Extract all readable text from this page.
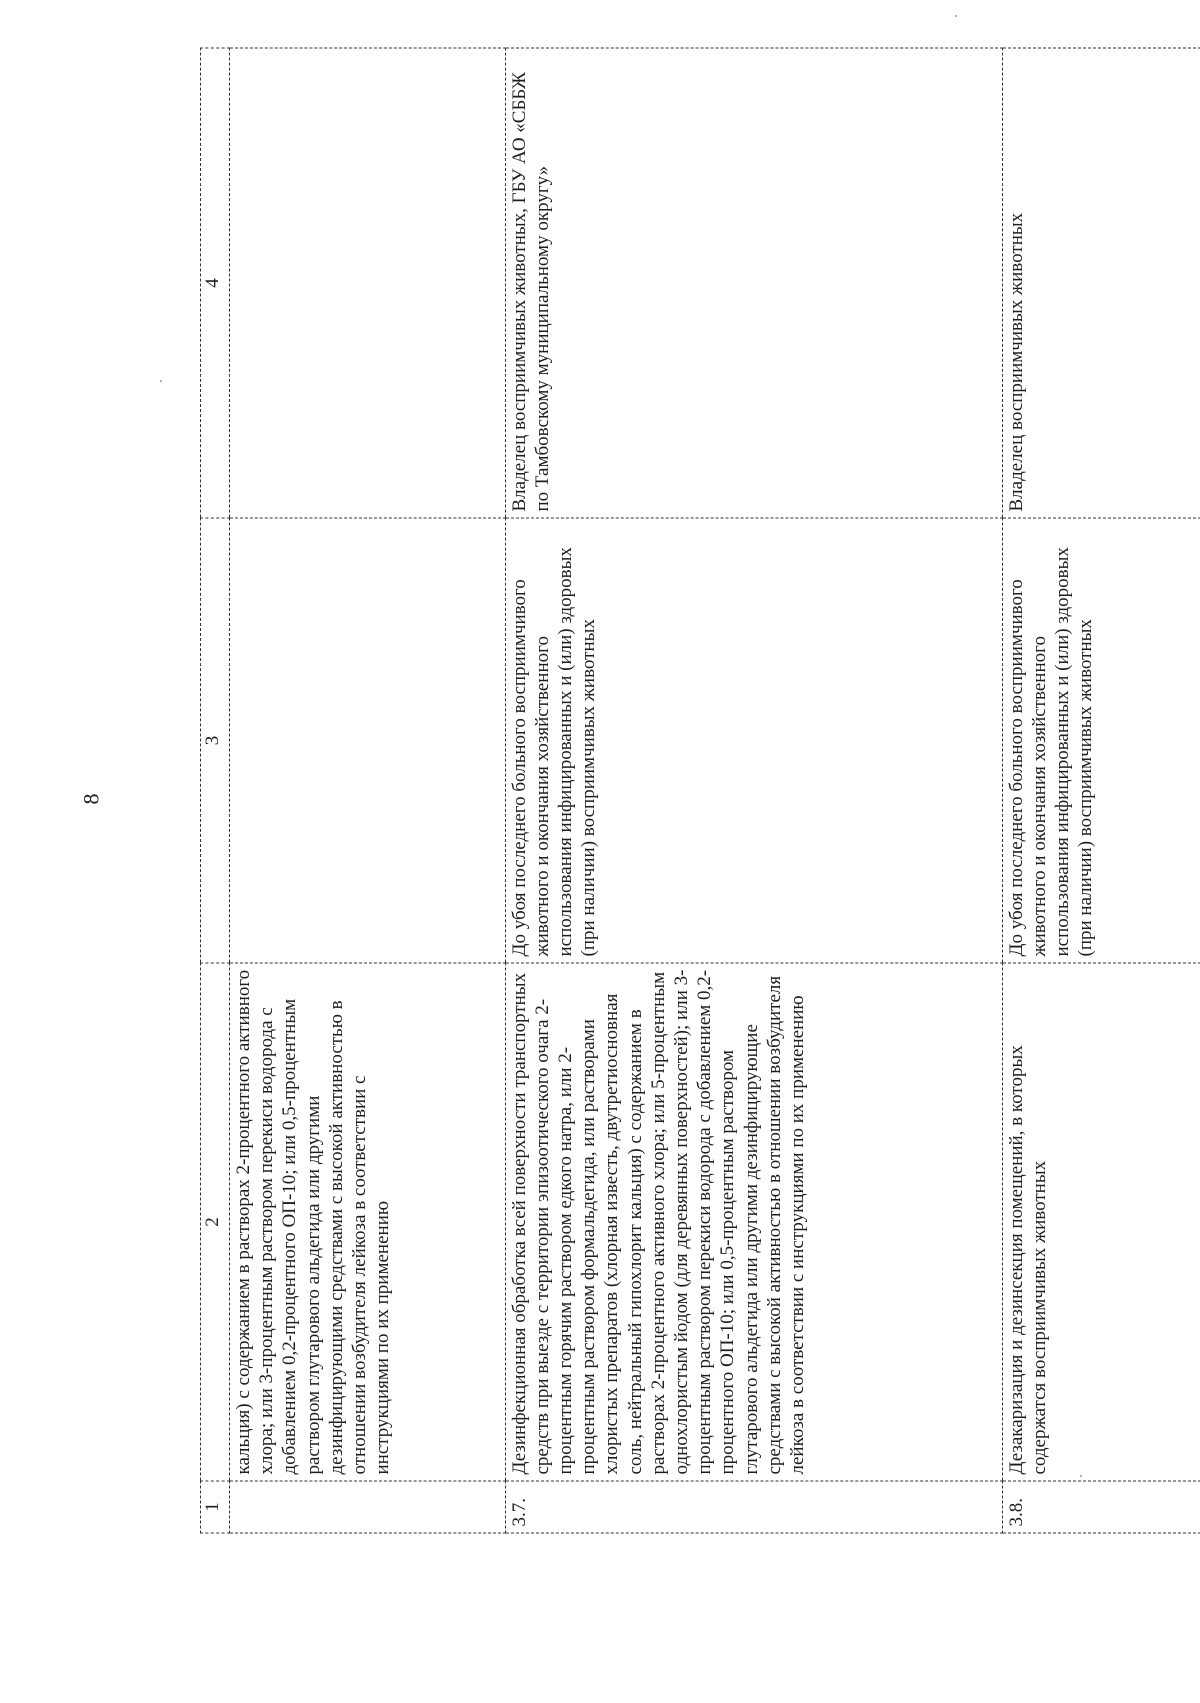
8
1	2	3	4
	кальция) с содержанием в растворах 2-процентного активного хлора; или 3-процентным раствором перекиси водорода с добавлением 0,2-процентного ОП-10; или 0,5-процентным раствором глутарового альдегида или другими дезинфицирующими средствами с высокой активностью в отношении возбудителя лейкоза в соответствии с инструкциями по их применению		
3.7.	Дезинфекционная обработка всей поверхности транспортных средств при выезде с территории эпизоотического очага 2-процентным горячим раствором едкого натра, или 2-процентным раствором формальдегида, или растворами хлористых препаратов (хлорная известь, двутретиосновная соль, нейтральный гипохлорит кальция) с содержанием в растворах 2-процентного активного хлора; или 5-процентным однохлористым йодом (для деревянных поверхностей); или 3-процентным раствором перекиси водорода с добавлением 0,2-процентного ОП-10; или 0,5-процентным раствором глутарового альдегида или другими дезинфицирующие средствами с высокой активностью в отношении возбудителя лейкоза в соответствии с инструкциями по их применению	До убоя последнего больного восприимчивого животного и окончания хозяйственного использования инфицированных и (или) здоровых (при наличии) восприимчивых животных	Владелец восприимчивых животных, ГБУ АО «СББЖ по Тамбовскому муниципальному округу»
3.8.	Дезакаризация и дезинсекция помещений, в которых содержатся восприимчивых животных	До убоя последнего больного восприимчивого животного и окончания хозяйственного использования инфицированных и (или) здоровых (при наличии) восприимчивых животных	Владелец восприимчивых животных
